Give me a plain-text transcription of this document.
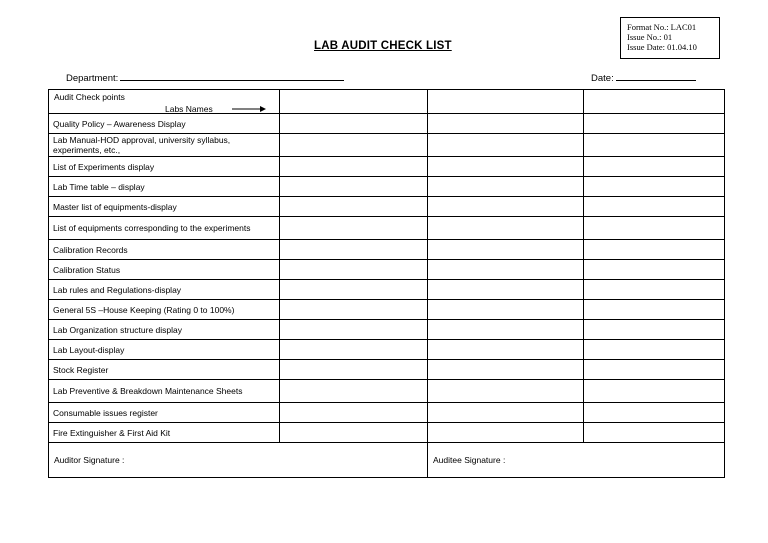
Format No.: LAC01
Issue No.: 01
Issue Date: 01.04.10
LAB AUDIT CHECK LIST
Department:	Date:
Audit Check points
Labs Names			

Quality Policy – Awareness Display			
Lab Manual-HOD approval, university syllabus, experiments, etc.,			
List of Experiments display			
Lab Time table – display			
Master list of equipments-display			
List of equipments corresponding to the experiments			
Calibration Records			
Calibration Status			
Lab rules and Regulations-display			
General 5S –House Keeping (Rating 0 to 100%)			
Lab Organization structure display			
Lab Layout-display			
Stock Register			
Lab Preventive & Breakdown Maintenance Sheets			
Consumable issues register			
Fire Extinguisher & First Aid Kit			
Auditor Signature :		Auditee Signature :	
